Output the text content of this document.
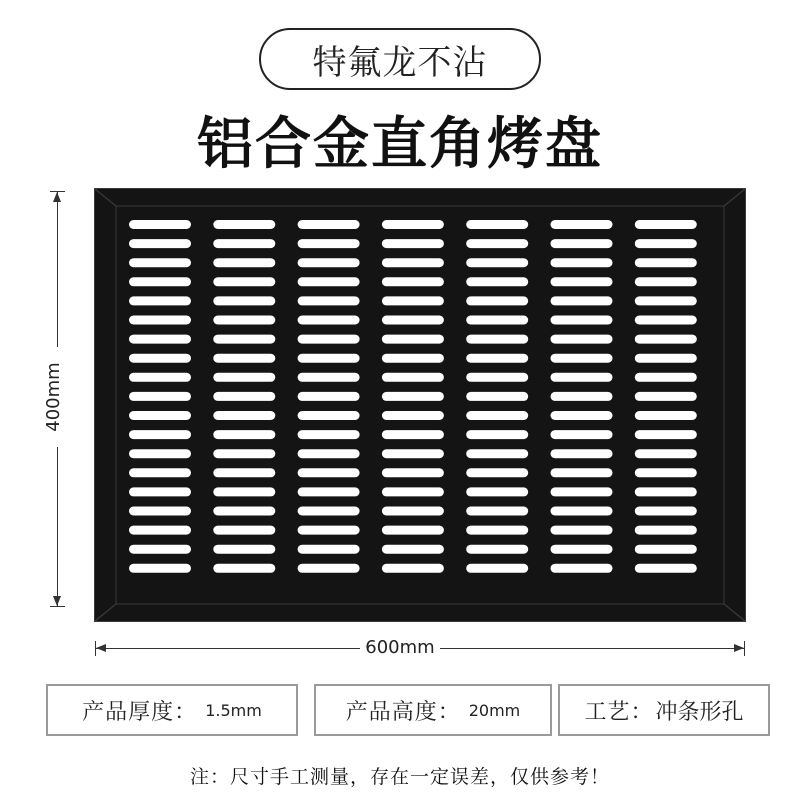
特氟龙不沾
铝合金直角烤盘
400mm
600mm
产品厚度： 1.5mm	产品高度： 20mm	工艺： 冲条形孔
注：尺寸手工测量，存在一定误差，仅供参考！
